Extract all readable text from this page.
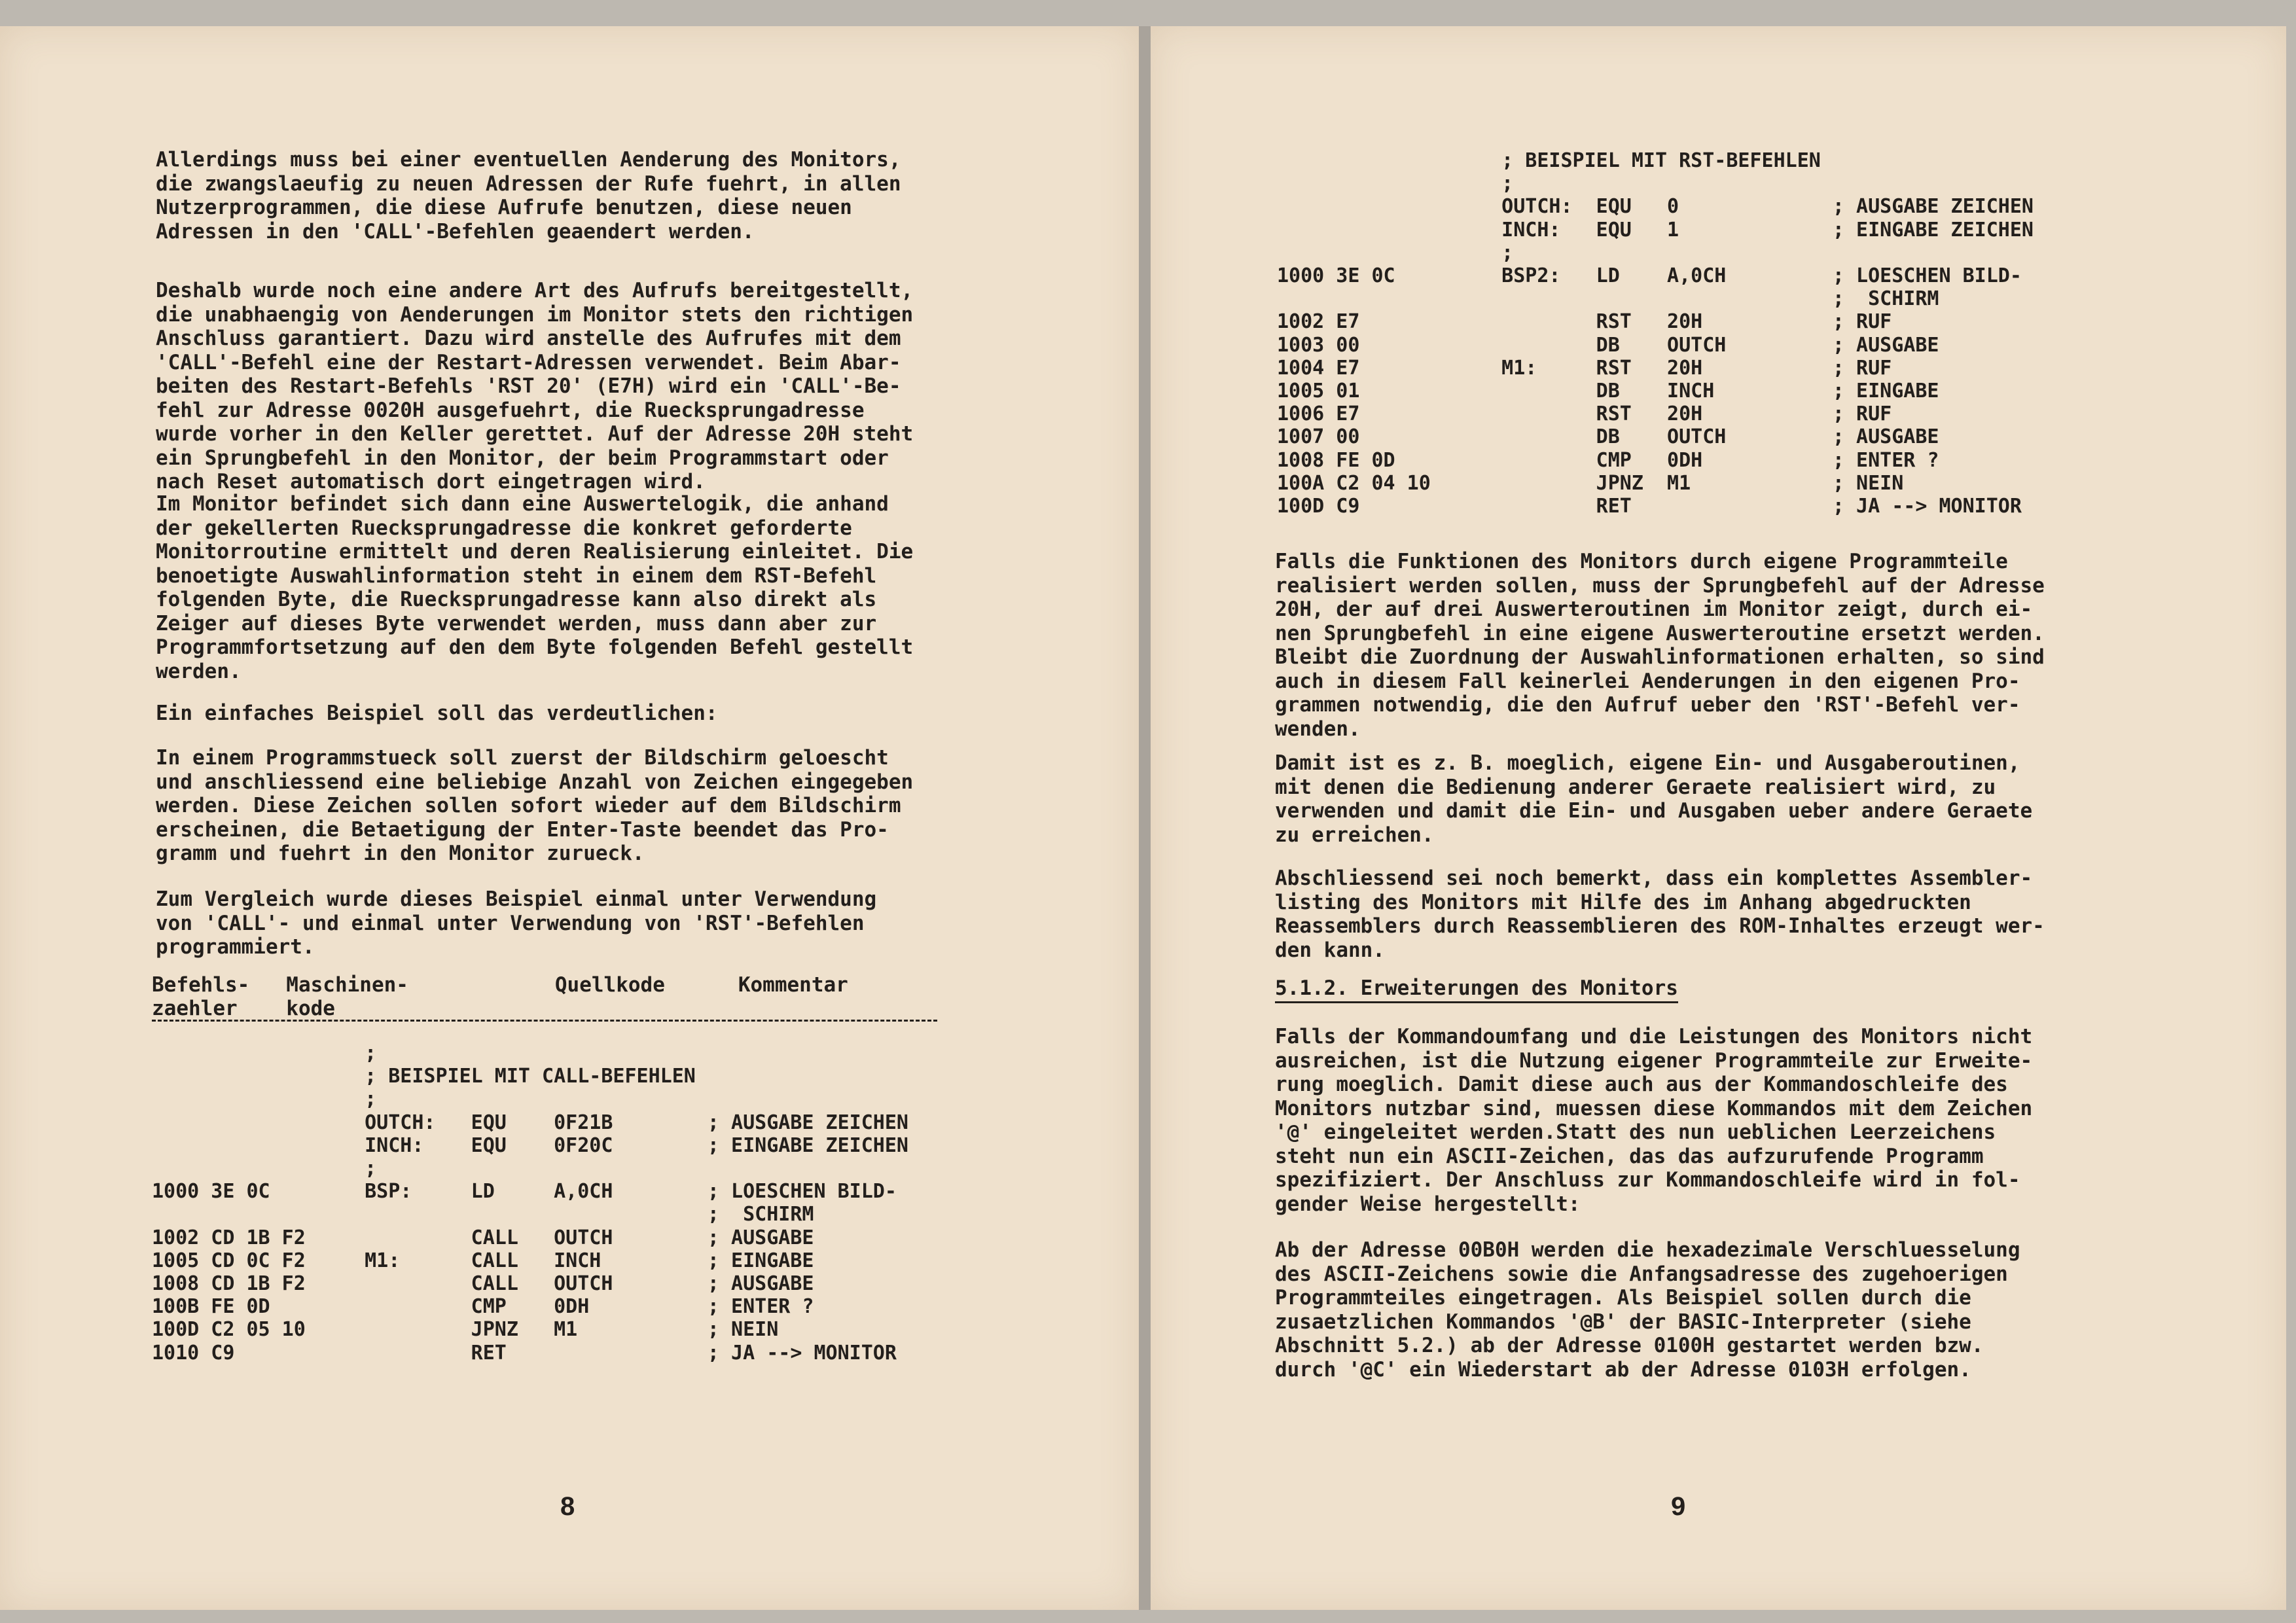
Allerdings muss bei einer eventuellen Aenderung des Monitors,
die zwangslaeufig zu neuen Adressen der Rufe fuehrt, in allen
Nutzerprogrammen, die diese Aufrufe benutzen, diese neuen
Adressen in den 'CALL'-Befehlen geaendert werden.
Deshalb wurde noch eine andere Art des Aufrufs bereitgestellt,
die unabhaengig von Aenderungen im Monitor stets den richtigen
Anschluss garantiert. Dazu wird anstelle des Aufrufes mit dem
'CALL'-Befehl eine der Restart-Adressen verwendet. Beim Abar-
beiten des Restart-Befehls 'RST 20' (E7H) wird ein 'CALL'-Be-
fehl zur Adresse 0020H ausgefuehrt, die Ruecksprungadresse
wurde vorher in den Keller gerettet. Auf der Adresse 20H steht
ein Sprungbefehl in den Monitor, der beim Programmstart oder
nach Reset automatisch dort eingetragen wird.
Im Monitor befindet sich dann eine Auswertelogik, die anhand
der gekellerten Ruecksprungadresse die konkret geforderte
Monitorroutine ermittelt und deren Realisierung einleitet. Die
benoetigte Auswahlinformation steht in einem dem RST-Befehl
folgenden Byte, die Ruecksprungadresse kann also direkt als
Zeiger auf dieses Byte verwendet werden, muss dann aber zur
Programmfortsetzung auf den dem Byte folgenden Befehl gestellt
werden.
Ein einfaches Beispiel soll das verdeutlichen:
In einem Programmstueck soll zuerst der Bildschirm geloescht
und anschliessend eine beliebige Anzahl von Zeichen eingegeben
werden. Diese Zeichen sollen sofort wieder auf dem Bildschirm
erscheinen, die Betaetigung der Enter-Taste beendet das Pro-
gramm und fuehrt in den Monitor zurueck.
Zum Vergleich wurde dieses Beispiel einmal unter Verwendung
von 'CALL'- und einmal unter Verwendung von 'RST'-Befehlen
programmiert.
Befehls-   Maschinen-            Quellkode      Kommentar
zaehler    kode
;
; BEISPIEL MIT CALL-BEFEHLEN
;
OUTCH:   EQU    0F21B        ; AUSGABE ZEICHEN
INCH:    EQU    0F20C        ; EINGABE ZEICHEN
;
1000 3E 0C        BSP:     LD     A,0CH        ; LOESCHEN BILD-
;  SCHIRM
1002 CD 1B F2              CALL   OUTCH        ; AUSGABE
1005 CD 0C F2     M1:      CALL   INCH         ; EINGABE
1008 CD 1B F2              CALL   OUTCH        ; AUSGABE
100B FE 0D                 CMP    0DH          ; ENTER ?
100D C2 05 10              JPNZ   M1           ; NEIN
1010 C9                    RET                 ; JA --> MONITOR
8
; BEISPIEL MIT RST-BEFEHLEN
;
OUTCH:  EQU   0             ; AUSGABE ZEICHEN
INCH:   EQU   1             ; EINGABE ZEICHEN
;
1000 3E 0C         BSP2:   LD    A,0CH         ; LOESCHEN BILD-
;  SCHIRM
1002 E7                    RST   20H           ; RUF
1003 00                    DB    OUTCH         ; AUSGABE
1004 E7            M1:     RST   20H           ; RUF
1005 01                    DB    INCH          ; EINGABE
1006 E7                    RST   20H           ; RUF
1007 00                    DB    OUTCH         ; AUSGABE
1008 FE 0D                 CMP   0DH           ; ENTER ?
100A C2 04 10              JPNZ  M1            ; NEIN
100D C9                    RET                 ; JA --> MONITOR
Falls die Funktionen des Monitors durch eigene Programmteile
realisiert werden sollen, muss der Sprungbefehl auf der Adresse
20H, der auf drei Auswerteroutinen im Monitor zeigt, durch ei-
nen Sprungbefehl in eine eigene Auswerteroutine ersetzt werden.
Bleibt die Zuordnung der Auswahlinformationen erhalten, so sind
auch in diesem Fall keinerlei Aenderungen in den eigenen Pro-
grammen notwendig, die den Aufruf ueber den 'RST'-Befehl ver-
wenden.
Damit ist es z. B. moeglich, eigene Ein- und Ausgaberoutinen,
mit denen die Bedienung anderer Geraete realisiert wird, zu
verwenden und damit die Ein- und Ausgaben ueber andere Geraete
zu erreichen.
Abschliessend sei noch bemerkt, dass ein komplettes Assembler-
listing des Monitors mit Hilfe des im Anhang abgedruckten
Reassemblers durch Reassemblieren des ROM-Inhaltes erzeugt wer-
den kann.
5.1.2. Erweiterungen des Monitors
Falls der Kommandoumfang und die Leistungen des Monitors nicht
ausreichen, ist die Nutzung eigener Programmteile zur Erweite-
rung moeglich. Damit diese auch aus der Kommandoschleife des
Monitors nutzbar sind, muessen diese Kommandos mit dem Zeichen
'@' eingeleitet werden.Statt des nun ueblichen Leerzeichens
steht nun ein ASCII-Zeichen, das das aufzurufende Programm
spezifiziert. Der Anschluss zur Kommandoschleife wird in fol-
gender Weise hergestellt:
Ab der Adresse 00B0H werden die hexadezimale Verschluesselung
des ASCII-Zeichens sowie die Anfangsadresse des zugehoerigen
Programmteiles eingetragen. Als Beispiel sollen durch die
zusaetzlichen Kommandos '@B' der BASIC-Interpreter (siehe
Abschnitt 5.2.) ab der Adresse 0100H gestartet werden bzw.
durch '@C' ein Wiederstart ab der Adresse 0103H erfolgen.
9
